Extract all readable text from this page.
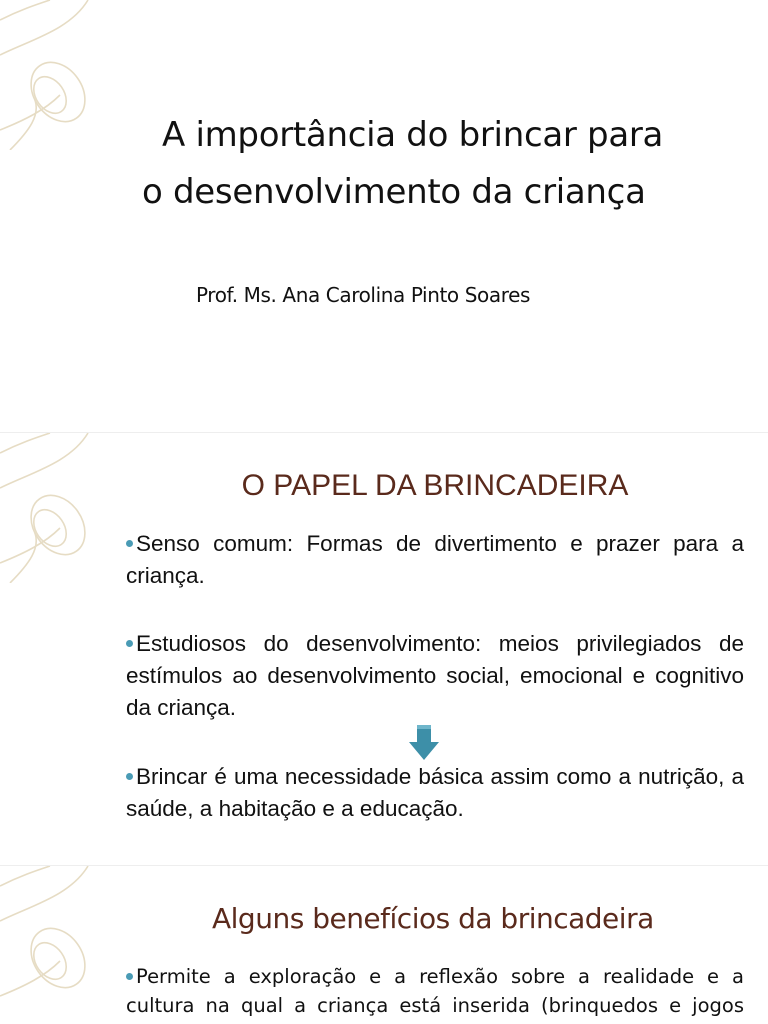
A importância do brincar para
o desenvolvimento da criança
Prof. Ms. Ana Carolina Pinto Soares
O PAPEL DA BRINCADEIRA
Senso comum: Formas de divertimento e prazer para a criança.
Estudiosos do desenvolvimento: meios privilegiados de estímulos ao desenvolvimento social, emocional e cognitivo da criança.
Brincar é uma necessidade básica assim como a nutrição, a saúde, a habitação e a educação.
Alguns benefícios da brincadeira
Permite a exploração e a reflexão sobre a realidade e a cultura na qual a criança está inserida (brinquedos e jogos
